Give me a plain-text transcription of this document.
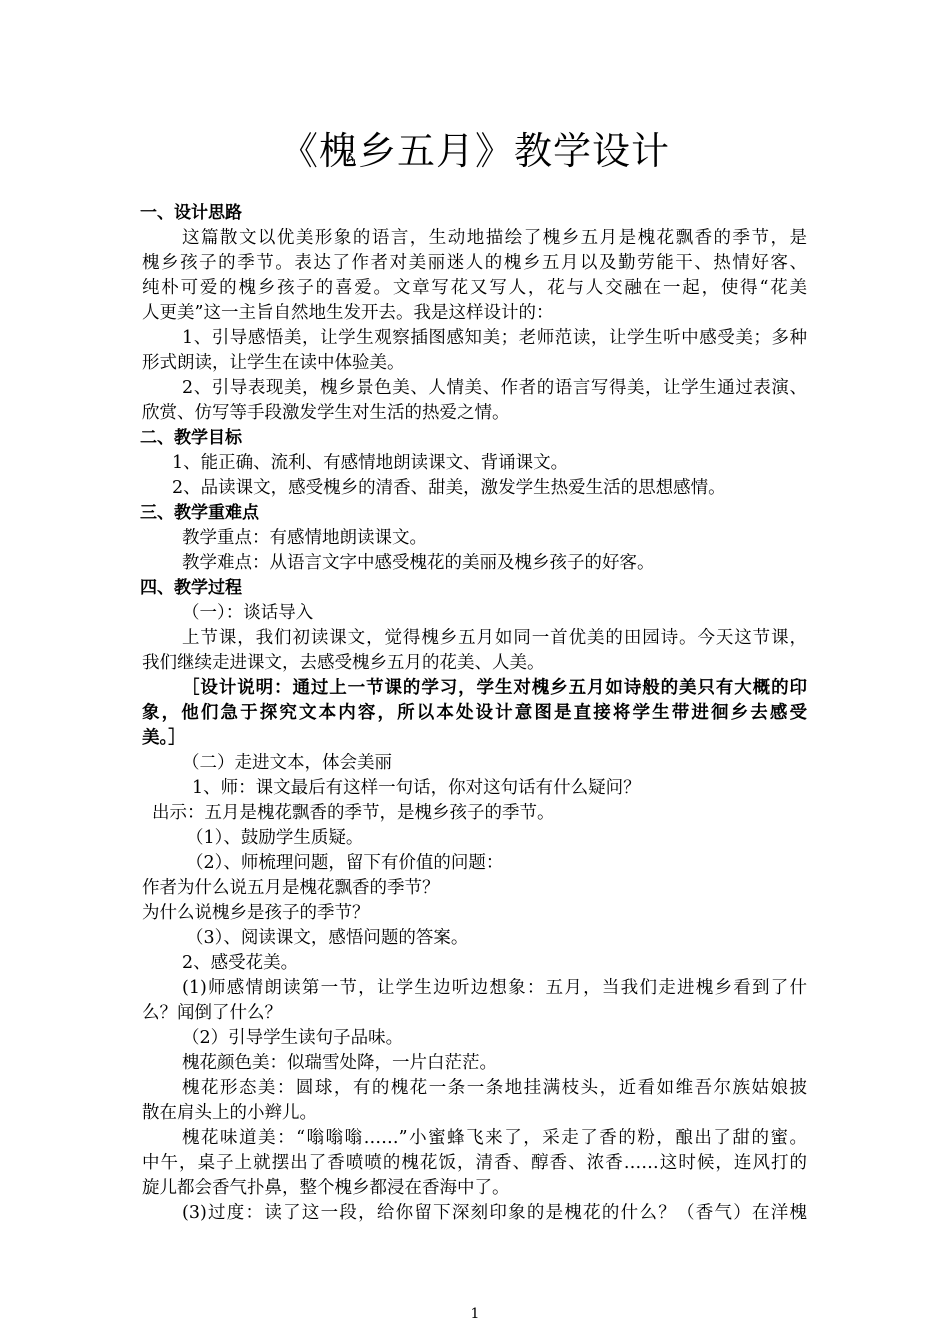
《槐乡五月》教学设计
一、设计思路
这篇散文以优美形象的语言，生动地描绘了槐乡五月是槐花飘香的季节，是
槐乡孩子的季节。表达了作者对美丽迷人的槐乡五月以及勤劳能干、热情好客、
纯朴可爱的槐乡孩子的喜爱。文章写花又写人，花与人交融在一起，使得“花美
人更美”这一主旨自然地生发开去。我是这样设计的：
1、引导感悟美，让学生观察插图感知美；老师范读，让学生听中感受美；多种
形式朗读，让学生在读中体验美。
2、引导表现美，槐乡景色美、人情美、作者的语言写得美，让学生通过表演、
欣赏、仿写等手段激发学生对生活的热爱之情。
二、教学目标
1、能正确、流利、有感情地朗读课文、背诵课文。
2、品读课文，感受槐乡的清香、甜美，激发学生热爱生活的思想感情。
三、教学重难点
教学重点：有感情地朗读课文。
教学难点：从语言文字中感受槐花的美丽及槐乡孩子的好客。
四、教学过程
（一）：谈话导入
上节课，我们初读课文，觉得槐乡五月如同一首优美的田园诗。今天这节课，
我们继续走进课文，去感受槐乡五月的花美、人美。
［设计说明：通过上一节课的学习，学生对槐乡五月如诗般的美只有大概的印
象，他们急于探究文本内容，所以本处设计意图是直接将学生带进徊乡去感受
美。］
（二）走进文本，体会美丽
1、师：课文最后有这样一句话，你对这句话有什么疑问？
出示：五月是槐花飘香的季节，是槐乡孩子的季节。
（1）、鼓励学生质疑。
（2）、师梳理问题，留下有价值的问题：
作者为什么说五月是槐花飘香的季节？
为什么说槐乡是孩子的季节？
（3）、阅读课文，感悟问题的答案。
2、感受花美。
(1)师感情朗读第一节，让学生边听边想象：五月，当我们走进槐乡看到了什
么？闻倒了什么？
（2）引导学生读句子品味。
槐花颜色美：似瑞雪处降，一片白茫茫。
槐花形态美：圆球，有的槐花一条一条地挂满枝头，近看如维吾尔族姑娘披
散在肩头上的小辫儿。
槐花味道美：“嗡嗡嗡……”小蜜蜂飞来了，采走了香的粉，酿出了甜的蜜。
中午，桌子上就摆出了香喷喷的槐花饭，清香、醇香、浓香……这时候，连风打的
旋儿都会香气扑鼻，整个槐乡都浸在香海中了。
(3)过度：读了这一段，给你留下深刻印象的是槐花的什么？（香气）在洋槐
1
